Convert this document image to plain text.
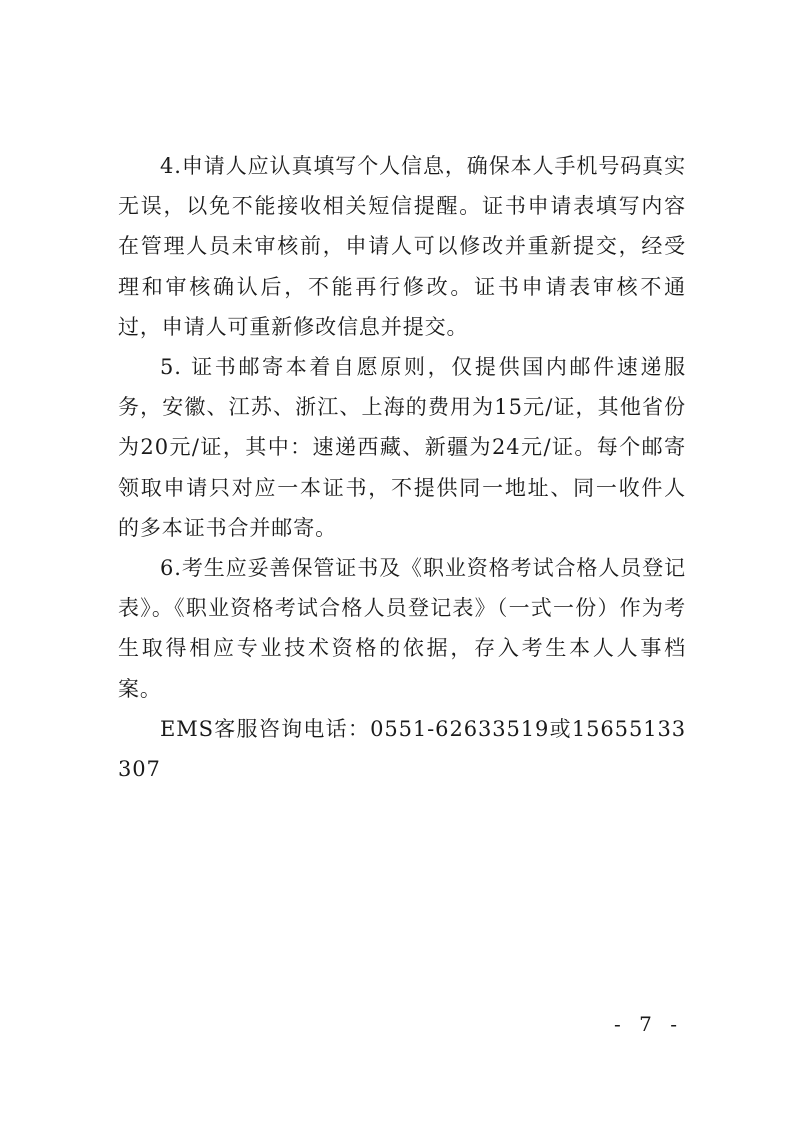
4.申请人应认真填写个人信息，确保本人手机号码真实无误，以免不能接收相关短信提醒。证书申请表填写内容在管理人员未审核前，申请人可以修改并重新提交，经受理和审核确认后，不能再行修改。证书申请表审核不通过，申请人可重新修改信息并提交。

5. 证书邮寄本着自愿原则，仅提供国内邮件速递服务，安徽、江苏、浙江、上海的费用为15元/证，其他省份为20元/证，其中：速递西藏、新疆为24元/证。每个邮寄领取申请只对应一本证书，不提供同一地址、同一收件人的多本证书合并邮寄。

6.考生应妥善保管证书及《职业资格考试合格人员登记表》。《职业资格考试合格人员登记表》（一式一份）作为考生取得相应专业技术资格的依据，存入考生本人人事档案。

EMS客服咨询电话：0551-62633519或15655133307

- 7 -
